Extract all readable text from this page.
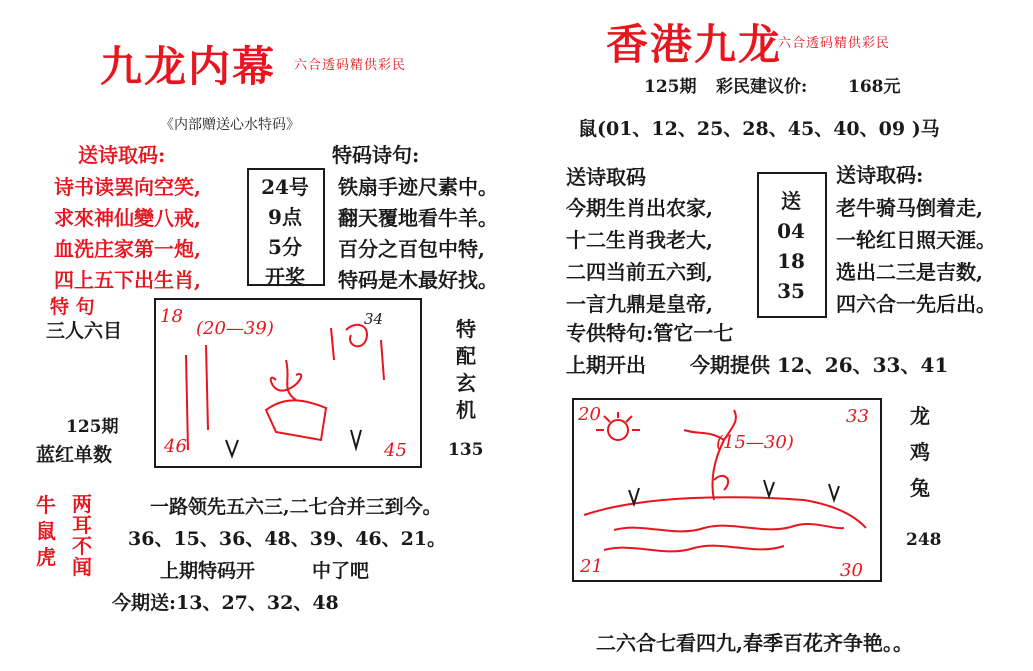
九龙内幕 六合透码精供彩民
《内部赠送心水特码》
送诗取码:
诗书读罢向空笑,
求來神仙變八戒,
血洗庄家第一炮,
四上五下出生肖,
24号
9点
5分
开奖
特码诗句:
铁扇手迹尺素中。
翻天覆地看牛羊。
百分之百包中特,
特码是木最好找。
特 句
三人六目
125期
蓝红单数
(20—39)
18	34
46	45
特
配
玄
机
135
牛
鼠
虎
两
耳
不
闻
一路领先五六三,二七合并三到今。
36、15、36、48、39、46、21。
上期特码开	中了吧
今期送:13、27、32、48
香港九龙
六合透码精供彩民
125期 彩民建议价: 168元
鼠(01、12、25、28、45、40、09 )马
送诗取码	送诗取码:
今期生肖出农家,
十二生肖我老大,
二四当前五六到,
一言九鼎是皇帝,
送
04
18
35
老牛骑马倒着走,
一轮红日照天涯。
选出二三是吉数,
四六合一先后出。
专供特句:管它一七
上期开出 今期提供 12、26、33、41
(15—30)
20	33
21	30
龙
鸡
兔
248
二六合七看四九,春季百花齐争艳。。
